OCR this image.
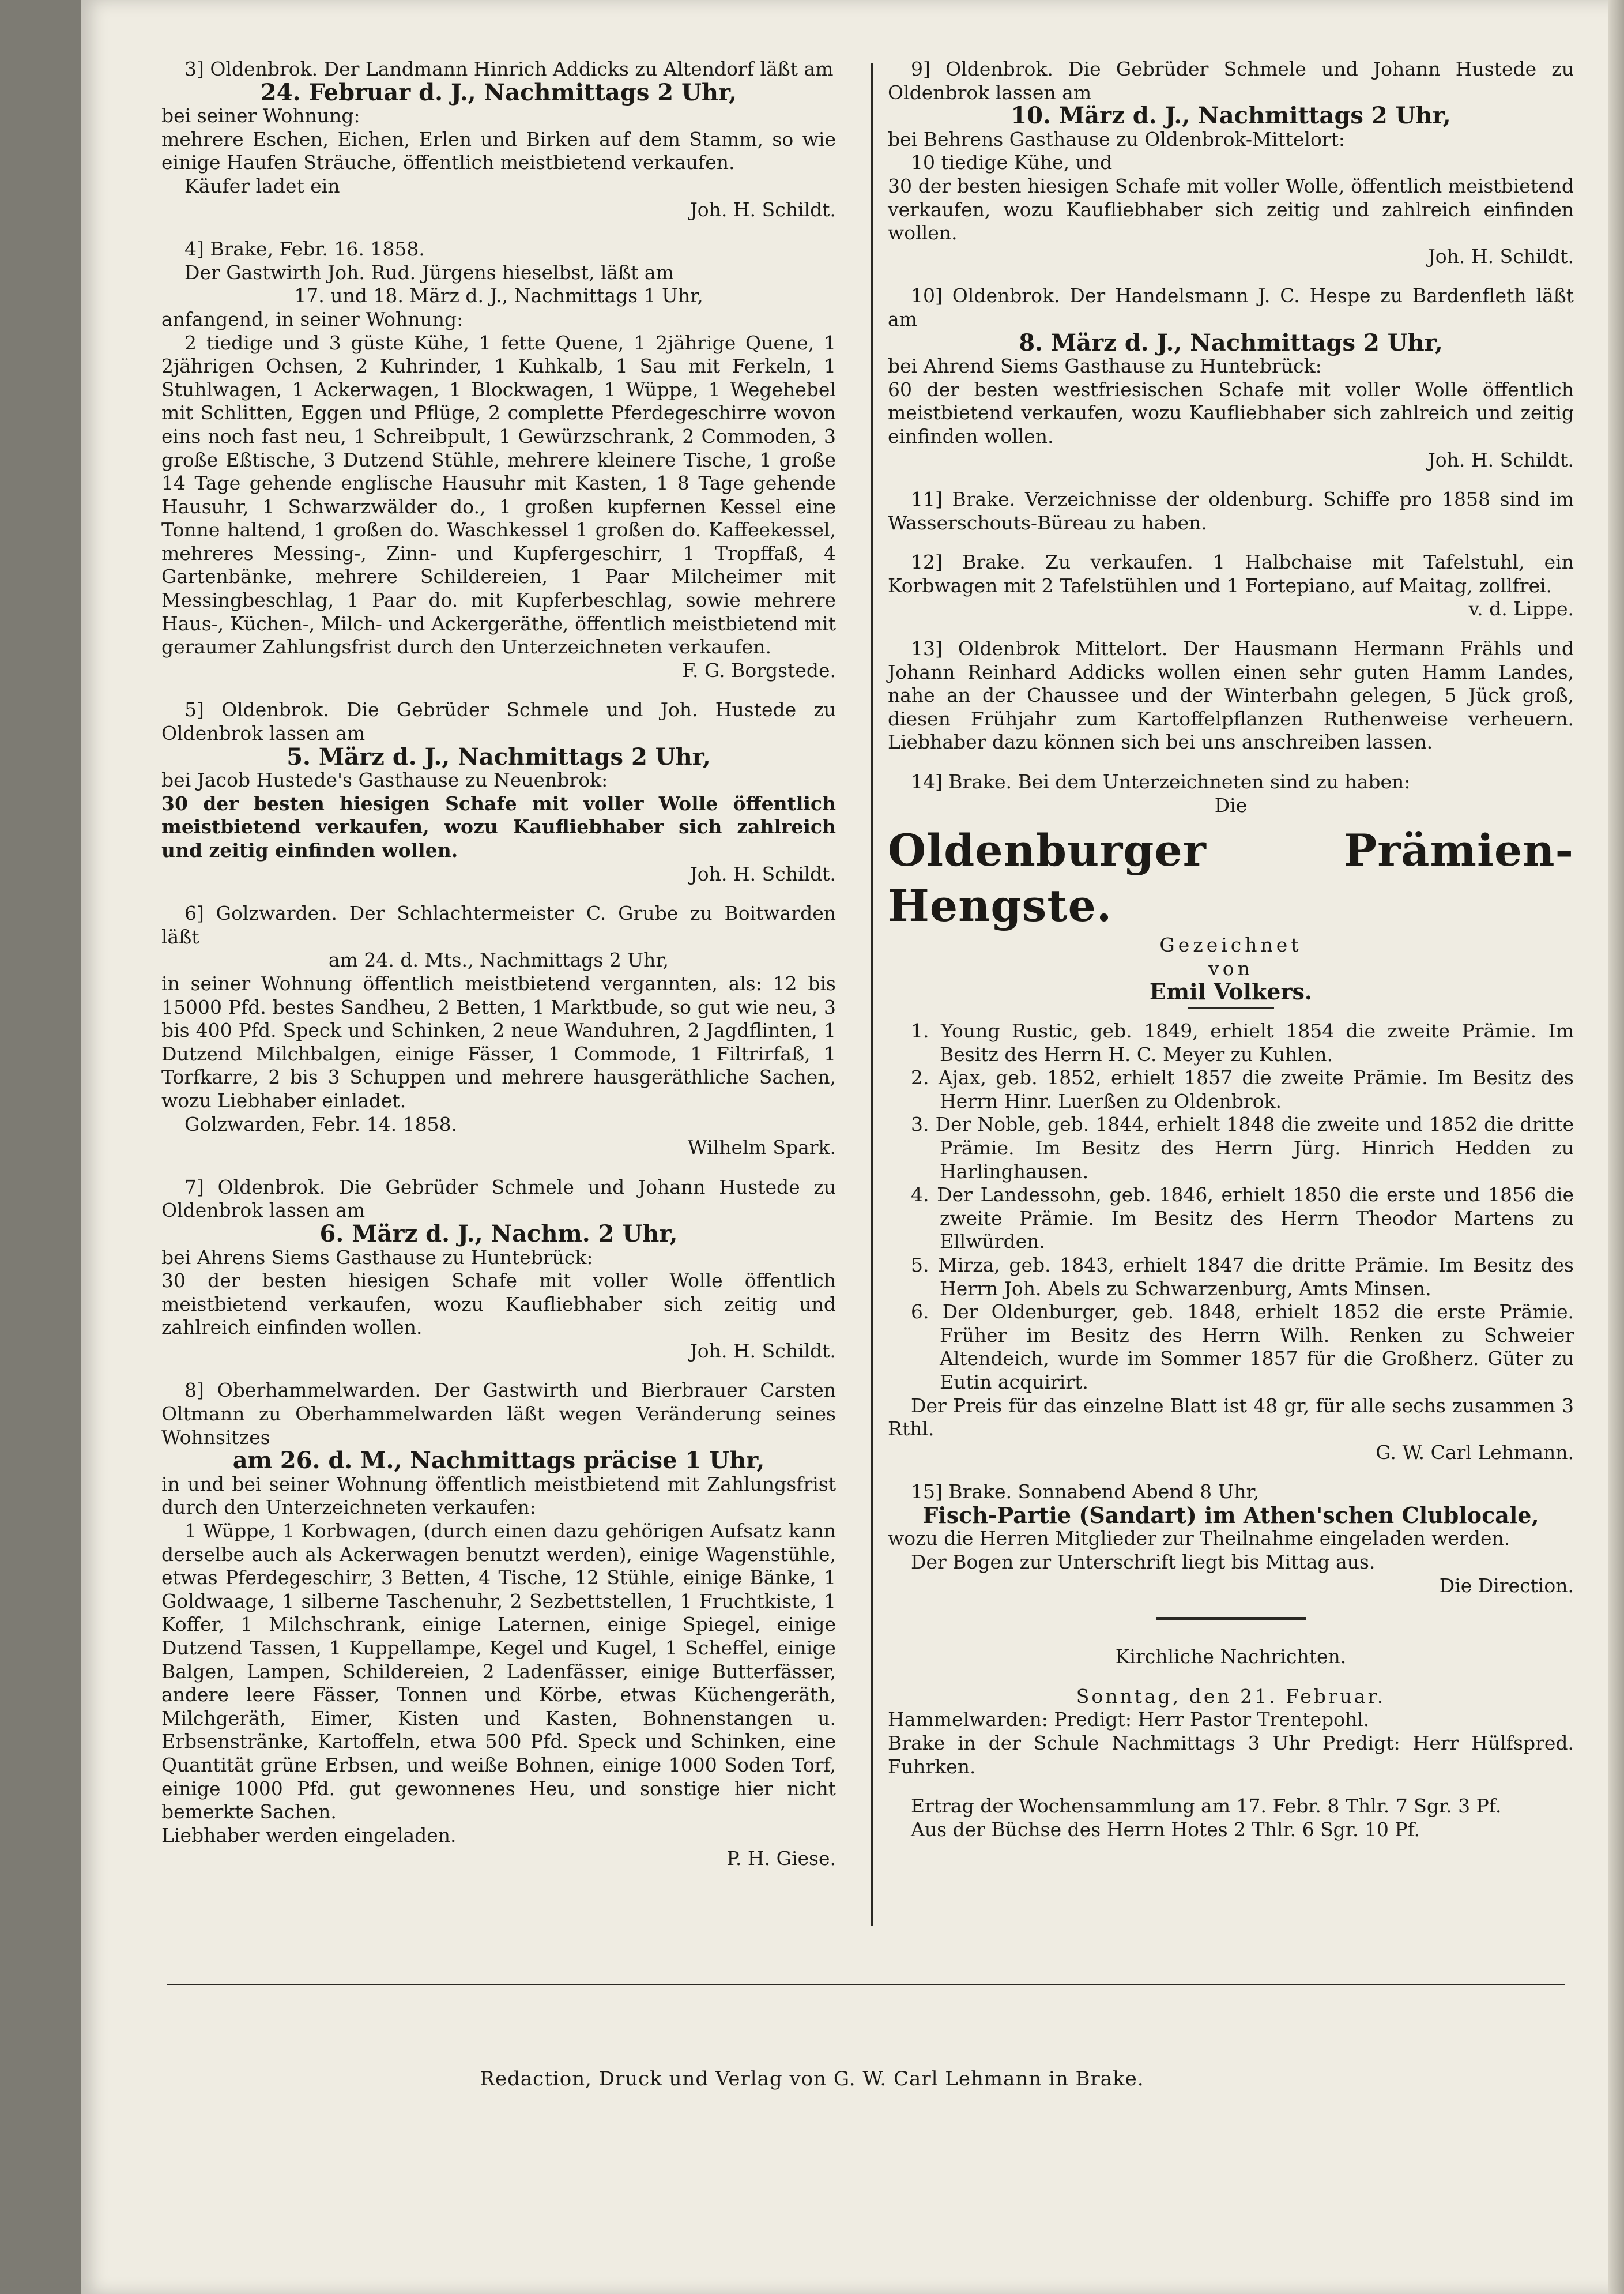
3] Oldenbrok. Der Landmann Hinrich Addicks zu Altendorf läßt am

24. Februar d. J., Nachmittags 2 Uhr,

bei seiner Wohnung:

mehrere Eschen, Eichen, Erlen und Birken auf dem Stamm, so wie einige Haufen Sträuche, öffentlich meistbietend verkaufen.

Käufer ladet ein

Joh. H. Schildt.

4] Brake, Febr. 16. 1858.

Der Gastwirth Joh. Rud. Jürgens hieselbst, läßt am

17. und 18. März d. J., Nachmittags 1 Uhr,

anfangend, in seiner Wohnung:

2 tiedige und 3 güste Kühe, 1 fette Quene, 1 2jährige Quene, 1 2jährigen Ochsen, 2 Kuhrinder, 1 Kuhkalb, 1 Sau mit Ferkeln, 1 Stuhlwagen, 1 Ackerwagen, 1 Blockwagen, 1 Wüppe, 1 Wegehebel mit Schlitten, Eggen und Pflüge, 2 complette Pferdegeschirre wovon eins noch fast neu, 1 Schreibpult, 1 Gewürzschrank, 2 Commoden, 3 große Eßtische, 3 Dutzend Stühle, mehrere kleinere Tische, 1 große 14 Tage gehende englische Hausuhr mit Kasten, 1 8 Tage gehende Hausuhr, 1 Schwarzwälder do., 1 großen kupfernen Kessel eine Tonne haltend, 1 großen do. Waschkessel 1 großen do. Kaffeekessel, mehreres Messing-, Zinn- und Kupfergeschirr, 1 Tropffaß, 4 Gartenbänke, mehrere Schildereien, 1 Paar Milcheimer mit Messingbeschlag, 1 Paar do. mit Kupferbeschlag, sowie mehrere Haus-, Küchen-, Milch- und Ackergeräthe, öffentlich meistbietend mit geraumer Zahlungsfrist durch den Unterzeichneten verkaufen.

F. G. Borgstede.

5] Oldenbrok. Die Gebrüder Schmele und Joh. Hustede zu Oldenbrok lassen am

5. März d. J., Nachmittags 2 Uhr,

bei Jacob Hustede's Gasthause zu Neuenbrok:

30 der besten hiesigen Schafe mit voller Wolle öffentlich meistbietend verkaufen, wozu Kaufliebhaber sich zahlreich und zeitig einfinden wollen.

Joh. H. Schildt.

6] Golzwarden. Der Schlachtermeister C. Grube zu Boitwarden läßt

am 24. d. Mts., Nachmittags 2 Uhr,

in seiner Wohnung öffentlich meistbietend vergannten, als: 12 bis 15000 Pfd. bestes Sandheu, 2 Betten, 1 Marktbude, so gut wie neu, 3 bis 400 Pfd. Speck und Schinken, 2 neue Wanduhren, 2 Jagdflinten, 1 Dutzend Milchbalgen, einige Fässer, 1 Commode, 1 Filtrirfaß, 1 Torfkarre, 2 bis 3 Schuppen und mehrere hausgeräthliche Sachen, wozu Liebhaber einladet.

Golzwarden, Febr. 14. 1858.

Wilhelm Spark.

7] Oldenbrok. Die Gebrüder Schmele und Johann Hustede zu Oldenbrok lassen am

6. März d. J., Nachm. 2 Uhr,

bei Ahrens Siems Gasthause zu Huntebrück:

30 der besten hiesigen Schafe mit voller Wolle öffentlich meistbietend verkaufen, wozu Kaufliebhaber sich zeitig und zahlreich einfinden wollen.

Joh. H. Schildt.

8] Oberhammelwarden. Der Gastwirth und Bierbrauer Carsten Oltmann zu Oberhammelwarden läßt wegen Veränderung seines Wohnsitzes

am 26. d. M., Nachmittags präcise 1 Uhr,

in und bei seiner Wohnung öffentlich meistbietend mit Zahlungsfrist durch den Unterzeichneten verkaufen:

1 Wüppe, 1 Korbwagen, (durch einen dazu gehörigen Aufsatz kann derselbe auch als Ackerwagen benutzt werden), einige Wagenstühle, etwas Pferdegeschirr, 3 Betten, 4 Tische, 12 Stühle, einige Bänke, 1 Goldwaage, 1 silberne Taschenuhr, 2 Sezbettstellen, 1 Fruchtkiste, 1 Koffer, 1 Milchschrank, einige Laternen, einige Spiegel, einige Dutzend Tassen, 1 Kuppellampe, Kegel und Kugel, 1 Scheffel, einige Balgen, Lampen, Schildereien, 2 Ladenfässer, einige Butterfässer, andere leere Fässer, Tonnen und Körbe, etwas Küchengeräth, Milchgeräth, Eimer, Kisten und Kasten, Bohnenstangen u. Erbsenstränke, Kartoffeln, etwa 500 Pfd. Speck und Schinken, eine Quantität grüne Erbsen, und weiße Bohnen, einige 1000 Soden Torf, einige 1000 Pfd. gut gewonnenes Heu, und sonstige hier nicht bemerkte Sachen.

Liebhaber werden eingeladen.

P. H. Giese.

9] Oldenbrok. Die Gebrüder Schmele und Johann Hustede zu Oldenbrok lassen am

10. März d. J., Nachmittags 2 Uhr,

bei Behrens Gasthause zu Oldenbrok-Mittelort:

10 tiedige Kühe, und

30 der besten hiesigen Schafe mit voller Wolle, öffentlich meistbietend verkaufen, wozu Kaufliebhaber sich zeitig und zahlreich einfinden wollen.

Joh. H. Schildt.

10] Oldenbrok. Der Handelsmann J. C. Hespe zu Bardenfleth läßt am

8. März d. J., Nachmittags 2 Uhr,

bei Ahrend Siems Gasthause zu Huntebrück:

60 der besten westfriesischen Schafe mit voller Wolle öffentlich meistbietend verkaufen, wozu Kaufliebhaber sich zahlreich und zeitig einfinden wollen.

Joh. H. Schildt.

11] Brake. Verzeichnisse der oldenburg. Schiffe pro 1858 sind im Wasserschouts-Büreau zu haben.

12] Brake. Zu verkaufen. 1 Halbchaise mit Tafelstuhl, ein Korbwagen mit 2 Tafelstühlen und 1 Fortepiano, auf Maitag, zollfrei.

v. d. Lippe.

13] Oldenbrok Mittelort. Der Hausmann Hermann Frähls und Johann Reinhard Addicks wollen einen sehr guten Hamm Landes, nahe an der Chaussee und der Winterbahn gelegen, 5 Jück groß, diesen Frühjahr zum Kartoffelpflanzen Ruthenweise verheuern. Liebhaber dazu können sich bei uns anschreiben lassen.

14] Brake. Bei dem Unterzeichneten sind zu haben:

Die

Oldenburger Prämien-Hengste.

Gezeichnet

von

Emil Volkers.

1. Young Rustic, geb. 1849, erhielt 1854 die zweite Prämie. Im Besitz des Herrn H. C. Meyer zu Kuhlen.

2. Ajax, geb. 1852, erhielt 1857 die zweite Prämie. Im Besitz des Herrn Hinr. Luerßen zu Oldenbrok.

3. Der Noble, geb. 1844, erhielt 1848 die zweite und 1852 die dritte Prämie. Im Besitz des Herrn Jürg. Hinrich Hedden zu Harlinghausen.

4. Der Landessohn, geb. 1846, erhielt 1850 die erste und 1856 die zweite Prämie. Im Besitz des Herrn Theodor Martens zu Ellwürden.

5. Mirza, geb. 1843, erhielt 1847 die dritte Prämie. Im Besitz des Herrn Joh. Abels zu Schwarzenburg, Amts Minsen.

6. Der Oldenburger, geb. 1848, erhielt 1852 die erste Prämie. Früher im Besitz des Herrn Wilh. Renken zu Schweier Altendeich, wurde im Sommer 1857 für die Großherz. Güter zu Eutin acquirirt.

Der Preis für das einzelne Blatt ist 48 gr, für alle sechs zusammen 3 Rthl.

G. W. Carl Lehmann.

15] Brake. Sonnabend Abend 8 Uhr,

Fisch-Partie (Sandart) im Athen'schen Clublocale,

wozu die Herren Mitglieder zur Theilnahme eingeladen werden.

Der Bogen zur Unterschrift liegt bis Mittag aus.

Die Direction.

Kirchliche Nachrichten.

Sonntag, den 21. Februar.

Hammelwarden: Predigt: Herr Pastor Trentepohl.

Brake in der Schule Nachmittags 3 Uhr Predigt: Herr Hülfspred. Fuhrken.

Ertrag der Wochensammlung am 17. Febr. 8 Thlr. 7 Sgr. 3 Pf.

Aus der Büchse des Herrn Hotes 2 Thlr. 6 Sgr. 10 Pf.

Redaction, Druck und Verlag von G. W. Carl Lehmann in Brake.
